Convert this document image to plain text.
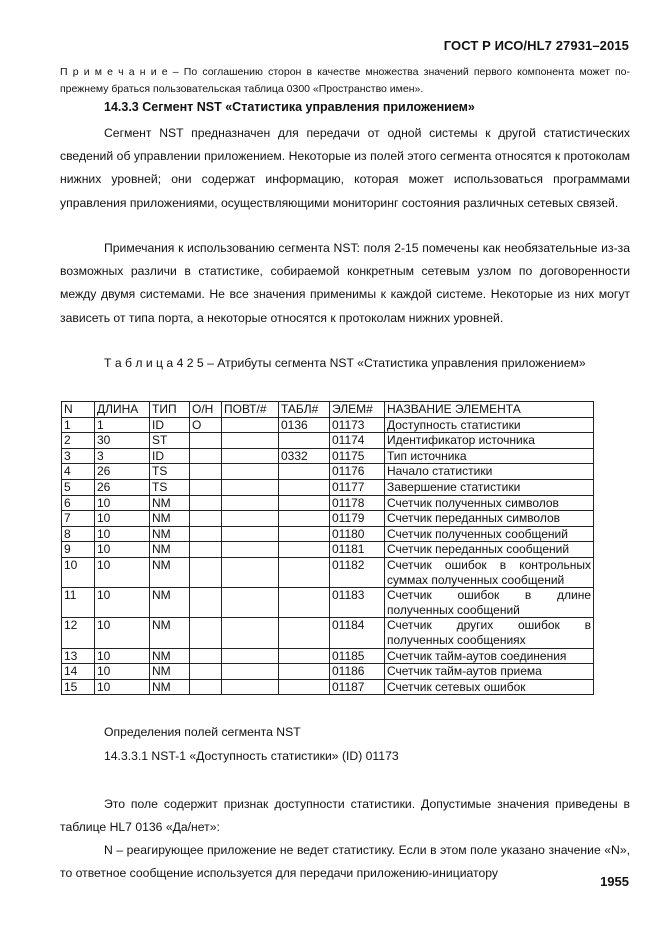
ГОСТ Р ИСО/HL7 27931–2015
П р и м е ч а н и е – По соглашению сторон в качестве множества значений первого компонента может по-прежнему браться пользовательская таблица 0300 «Пространство имен».
14.3.3 Сегмент NST «Статистика управления приложением»
Сегмент NST предназначен для передачи от одной системы к другой статистических сведений об управлении приложением. Некоторые из полей этого сегмента относятся к протоколам нижних уровней; они содержат информацию, которая может использоваться программами управления приложениями, осуществляющими мониторинг состояния различных сетевых связей.
Примечания к использованию сегмента NST: поля 2-15 помечены как необязательные из-за возможных различи в статистике, собираемой конкретным сетевым узлом по договоренности между двумя системами. Не все значения применимы к каждой системе. Некоторые из них могут зависеть от типа порта, а некоторые относятся к протоколам нижних уровней.
Т а б л и ц а 4 2 5 – Атрибуты сегмента NST «Статистика управления приложением»
N	ДЛИНА	ТИП	О/Н	ПОВТ/#	ТАБЛ#	ЭЛЕМ#	НАЗВАНИЕ ЭЛЕМЕНТА
1	1	ID	О		0136	01173	Доступность статистики
2	30	ST				01174	Идентификатор источника
3	3	ID			0332	01175	Тип источника
4	26	TS				01176	Начало статистики
5	26	TS				01177	Завершение статистики
6	10	NM				01178	Счетчик полученных символов
7	10	NM				01179	Счетчик переданных символов
8	10	NM				01180	Счетчик полученных сообщений
9	10	NM				01181	Счетчик переданных сообщений
10	10	NM				01182	Счетчик ошибок в контрольных суммах полученных сообщений
11	10	NM				01183	Счетчик ошибок в длине полученных сообщений
12	10	NM				01184	Счетчик других ошибок в полученных сообщениях
13	10	NM				01185	Счетчик тайм-аутов соединения
14	10	NM				01186	Счетчик тайм-аутов приема
15	10	NM				01187	Счетчик сетевых ошибок
Определения полей сегмента NST
14.3.3.1 NST-1 «Доступность статистики» (ID) 01173
Это поле содержит признак доступности статистики. Допустимые значения приведены в таблице HL7 0136 «Да/нет»:
N – реагирующее приложение не ведет статистику. Если в этом поле указано значение «N», то ответное сообщение используется для передачи приложению-инициатору
1955
